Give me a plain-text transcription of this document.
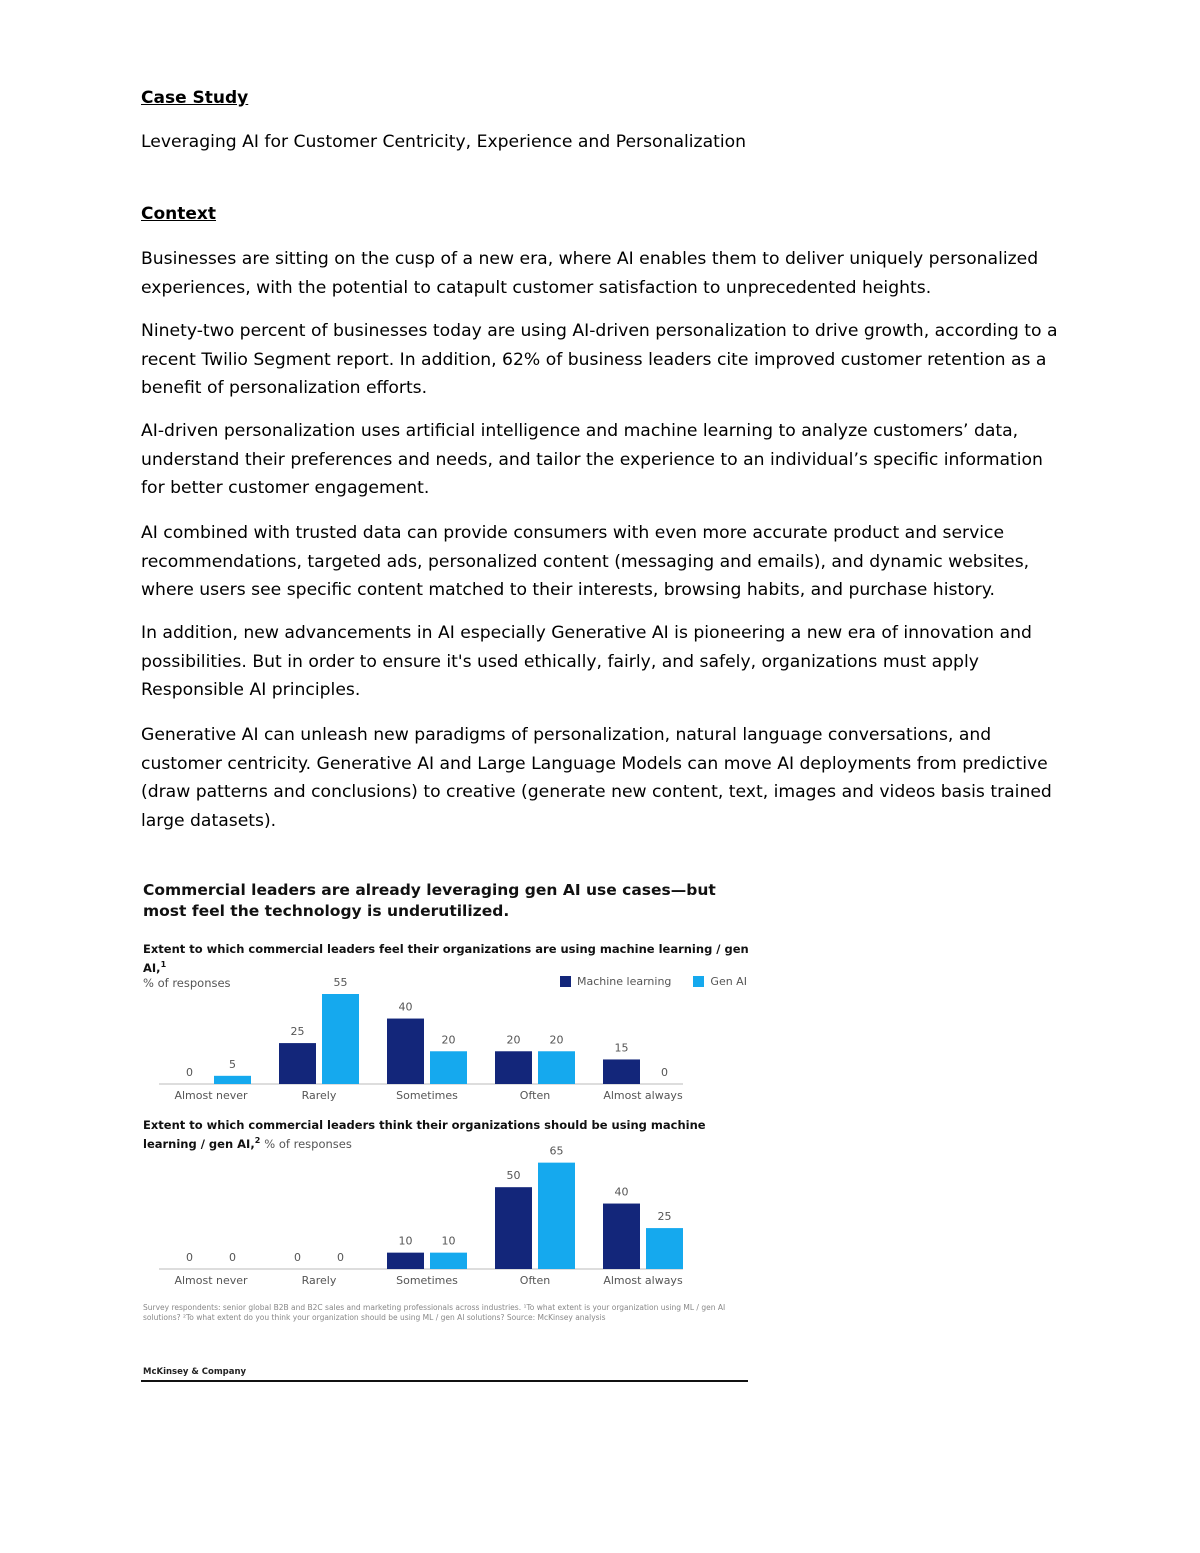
Case Study
Leveraging AI for Customer Centricity, Experience and Personalization
Context
Businesses are sitting on the cusp of a new era, where AI enables them to deliver uniquely personalized experiences, with the potential to catapult customer satisfaction to unprecedented heights.
Ninety-two percent of businesses today are using AI-driven personalization to drive growth, according to a recent Twilio Segment report. In addition, 62% of business leaders cite improved customer retention as a benefit of personalization efforts.
AI-driven personalization uses artificial intelligence and machine learning to analyze customers’ data, understand their preferences and needs, and tailor the experience to an individual’s specific information for better customer engagement.
AI combined with trusted data can provide consumers with even more accurate product and service recommendations, targeted ads, personalized content (messaging and emails), and dynamic websites, where users see specific content matched to their interests, browsing habits, and purchase history.
In addition, new advancements in AI especially Generative AI is pioneering a new era of innovation and possibilities. But in order to ensure it's used ethically, fairly, and safely, organizations must apply Responsible AI principles.
Generative AI can unleash new paradigms of personalization, natural language conversations, and customer centricity. Generative AI and Large Language Models can move AI deployments from predictive (draw patterns and conclusions) to creative (generate new content, text, images and videos basis trained large datasets).
Commercial leaders are already leveraging gen AI use cases—but most feel the technology is underutilized.
Extent to which commercial leaders feel their organizations are using machine learning / gen AI,$^1$
% of responses	Machine learning	Gen AI
0
5
Almost never
25
55
Rarely
40
20
Sometimes
20	20
Often
15
0
Almost always
Extent to which commercial leaders think their organizations should be using machine learning / gen AI,$^2$ % of responses
0	0
Almost never
0	0
Rarely
10	10
Sometimes
50
65
Often
40
25
Almost always
Survey respondents: senior global B2B and B2C sales and marketing professionals across industries. ¹To what extent is your organization using ML / gen AI solutions? ²To what extent do you think your organization should be using ML / gen AI solutions? Source: McKinsey analysis
McKinsey & Company
